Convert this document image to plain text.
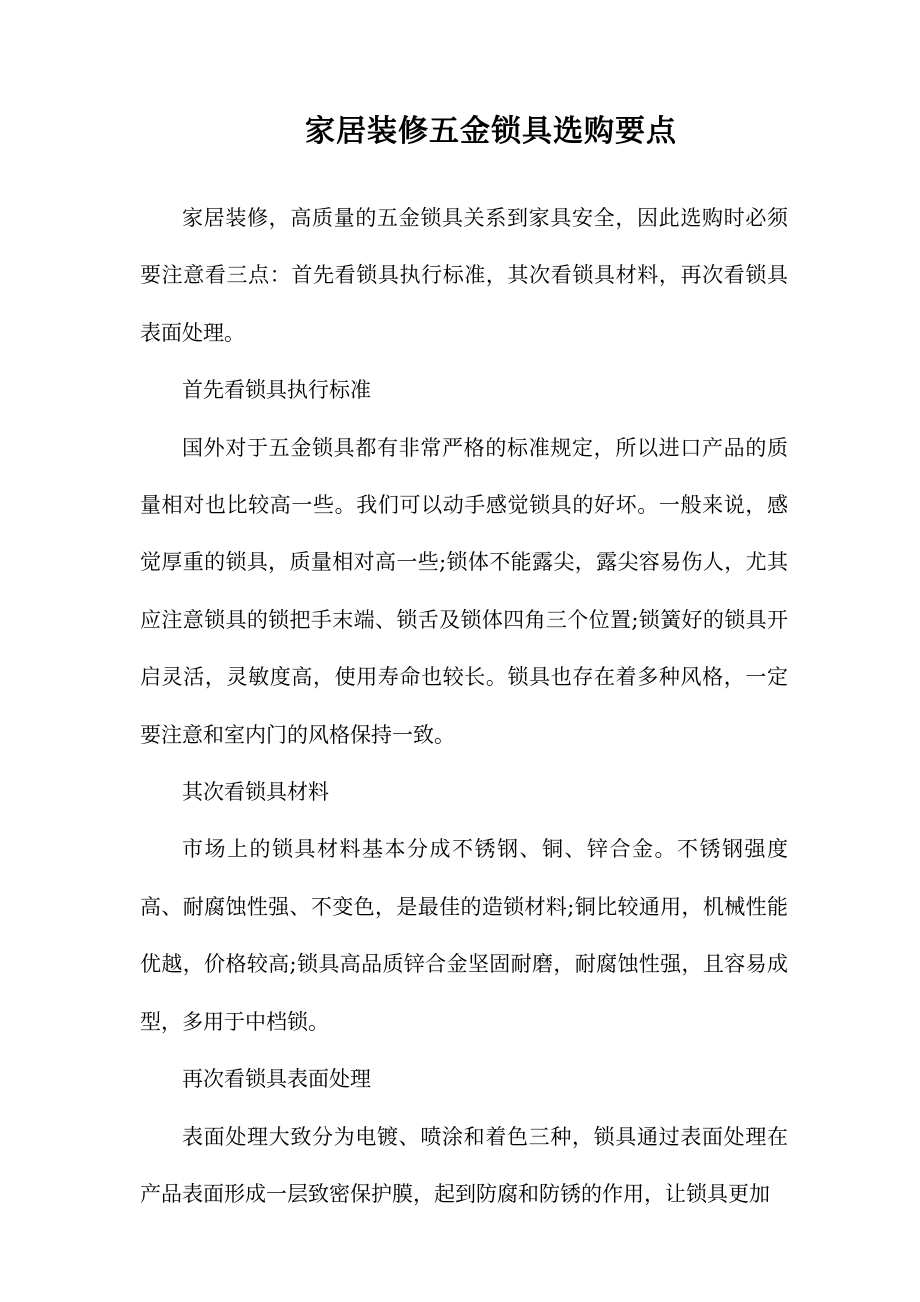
家居装修五金锁具选购要点

家居装修，高质量的五金锁具关系到家具安全，因此选购时必须要注意看三点：首先看锁具执行标准，其次看锁具材料，再次看锁具表面处理。

首先看锁具执行标准

国外对于五金锁具都有非常严格的标准规定，所以进口产品的质量相对也比较高一些。我们可以动手感觉锁具的好坏。一般来说，感觉厚重的锁具，质量相对高一些;锁体不能露尖，露尖容易伤人，尤其应注意锁具的锁把手末端、锁舌及锁体四角三个位置;锁簧好的锁具开启灵活，灵敏度高，使用寿命也较长。锁具也存在着多种风格，一定要注意和室内门的风格保持一致。

其次看锁具材料

市场上的锁具材料基本分成不锈钢、铜、锌合金。不锈钢强度高、耐腐蚀性强、不变色，是最佳的造锁材料;铜比较通用，机械性能优越，价格较高;锁具高品质锌合金坚固耐磨，耐腐蚀性强，且容易成型，多用于中档锁。

再次看锁具表面处理

表面处理大致分为电镀、喷涂和着色三种，锁具通过表面处理在产品表面形成一层致密保护膜，起到防腐和防锈的作用，让锁具更加
